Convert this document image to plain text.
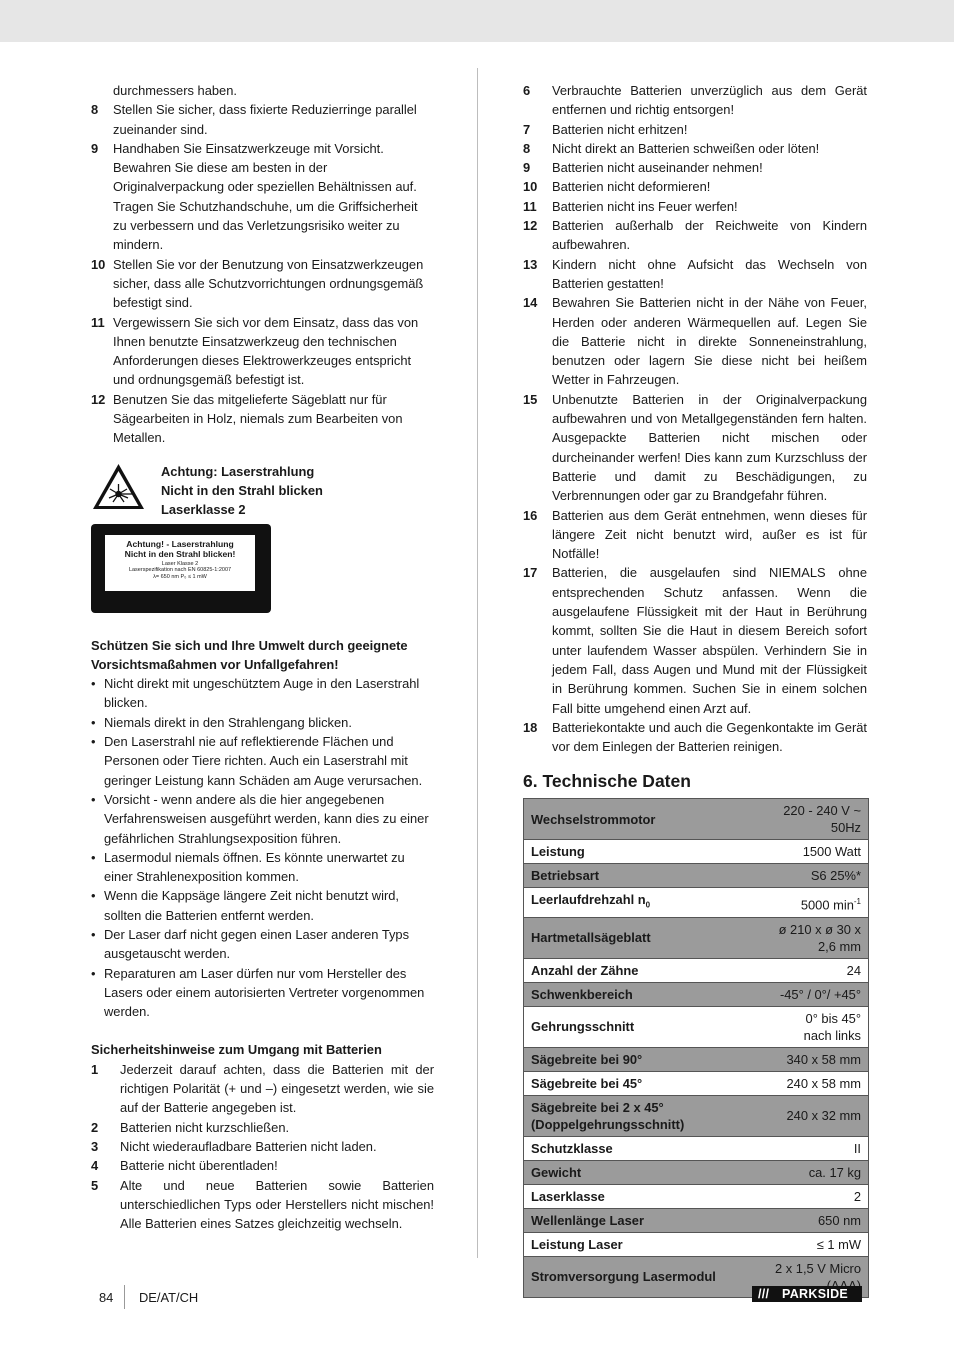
durchmessers haben.
8	Stellen Sie sicher, dass fixierte Reduzierringe parallel zueinander sind.
9	Handhaben Sie Einsatzwerkzeuge mit Vorsicht. Bewahren Sie diese am besten in der Originalverpackung oder speziellen Behältnissen auf. Tragen Sie Schutzhandschuhe, um die Griffsicherheit zu verbessern und das Verletzungsrisiko weiter zu mindern.
10 Stellen Sie vor der Benutzung von Einsatzwerkzeugen sicher, dass alle Schutzvorrichtungen ordnungsgemäß befestigt sind.
11 Vergewissern Sie sich vor dem Einsatz, dass das von Ihnen benutzte Einsatzwerkzeug den technischen Anforderungen dieses Elektrowerkzeuges entspricht und ordnungsgemäß befestigt ist.
12 Benutzen Sie das mitgelieferte Sägeblatt nur für Sägearbeiten in Holz, niemals zum Bearbeiten von Metallen.
Achtung: Laserstrahlung
Nicht in den Strahl blicken
Laserklasse 2
Achtung! - Laserstrahlung
Nicht in den Strahl blicken!
Laser Klasse 2
Laserspezifikation nach EN 60825-1:2007
λ= 650 nm P₀ ≤ 1 mW
Schützen Sie sich und Ihre Umwelt durch geeignete Vorsichtsmaßahmen vor Unfallgefahren!
• Nicht direkt mit ungeschütztem Auge in den Laserstrahl blicken.
• Niemals direkt in den Strahlengang blicken.
• Den Laserstrahl nie auf reflektierende Flächen und Personen oder Tiere richten. Auch ein Laserstrahl mit geringer Leistung kann Schäden am Auge verursachen.
• Vorsicht - wenn andere als die hier angegebenen Verfahrensweisen ausgeführt werden, kann dies zu einer gefährlichen Strahlungsexposition führen.
• Lasermodul niemals öffnen. Es könnte unerwartet zu einer Strahlenexposition kommen.
• Wenn die Kappsäge längere Zeit nicht benutzt wird, sollten die Batterien entfernt werden.
• Der Laser darf nicht gegen einen Laser anderen Typs ausgetauscht werden.
• Reparaturen am Laser dürfen nur vom Hersteller des Lasers oder einem autorisierten Vertreter vorgenommen werden.
Sicherheitshinweise zum Umgang mit Batterien
1	Jederzeit darauf achten, dass die Batterien mit der richtigen Polarität (+ und –) eingesetzt werden, wie sie auf der Batterie angegeben ist.
2	Batterien nicht kurzschließen.
3	Nicht wiederaufladbare Batterien nicht laden.
4	Batterie nicht überentladen!
5	Alte und neue Batterien sowie Batterien unterschiedlichen Typs oder Herstellers nicht mischen! Alle Batterien eines Satzes gleichzeitig wechseln.
6	Verbrauchte Batterien unverzüglich aus dem Gerät entfernen und richtig entsorgen!
7	Batterien nicht erhitzen!
8	Nicht direkt an Batterien schweißen oder löten!
9	Batterien nicht auseinander nehmen!
10	Batterien nicht deformieren!
11	Batterien nicht ins Feuer werfen!
12	Batterien außerhalb der Reichweite von Kindern aufbewahren.
13	Kindern nicht ohne Aufsicht das Wechseln von Batterien gestatten!
14	Bewahren Sie Batterien nicht in der Nähe von Feuer, Herden oder anderen Wärmequellen auf. Legen Sie die Batterie nicht in direkte Sonneneinstrahlung, benutzen oder lagern Sie diese nicht bei heißem Wetter in Fahrzeugen.
15	Unbenutzte Batterien in der Originalverpackung aufbewahren und von Metallgegenständen fern halten. Ausgepackte Batterien nicht mischen oder durcheinander werfen! Dies kann zum Kurzschluss der Batterie und damit zu Beschädigungen, zu Verbrennungen oder gar zu Brandgefahr führen.
16	Batterien aus dem Gerät entnehmen, wenn dieses für längere Zeit nicht benutzt wird, außer es ist für Notfälle!
17	Batterien, die ausgelaufen sind NIEMALS ohne entsprechenden Schutz anfassen. Wenn die ausgelaufene Flüssigkeit mit der Haut in Berührung kommt, sollten Sie die Haut in diesem Bereich sofort unter laufendem Wasser abspülen. Verhindern Sie in jedem Fall, dass Augen und Mund mit der Flüssigkeit in Berührung kommen. Suchen Sie in einem solchen Fall bitte umgehend einen Arzt auf.
18	Batteriekontakte und auch die Gegenkontakte im Gerät vor dem Einlegen der Batterien reinigen.
6. Technische Daten
Wechselstrommotor	220 - 240 V ~ 50Hz
Leistung	1500 Watt
Betriebsart	S6 25%*
Leerlaufdrehzahl $n_0$	5000 $\min^{-1}$
Hartmetallsägeblatt	ø 210 x ø 30 x 2,6 mm
Anzahl der Zähne	24
Schwenkbereich	-45° / 0°/ +45°
Gehrungsschnitt	0° bis 45° nach links
Sägebreite bei 90°	340 x 58 mm
Sägebreite bei 45°	240 x 58 mm
Sägebreite bei 2 x 45° (Doppelgehrungsschnitt)	240 x 32 mm
Schutzklasse	II
Gewicht	ca. 17 kg
Laserklasse	2
Wellenlänge Laser	650 nm
Leistung Laser	≤ 1 mW
Stromversorgung Lasermodul	2 x 1,5 V Micro
84 DE/AT/CH	/// PARKSIDE
